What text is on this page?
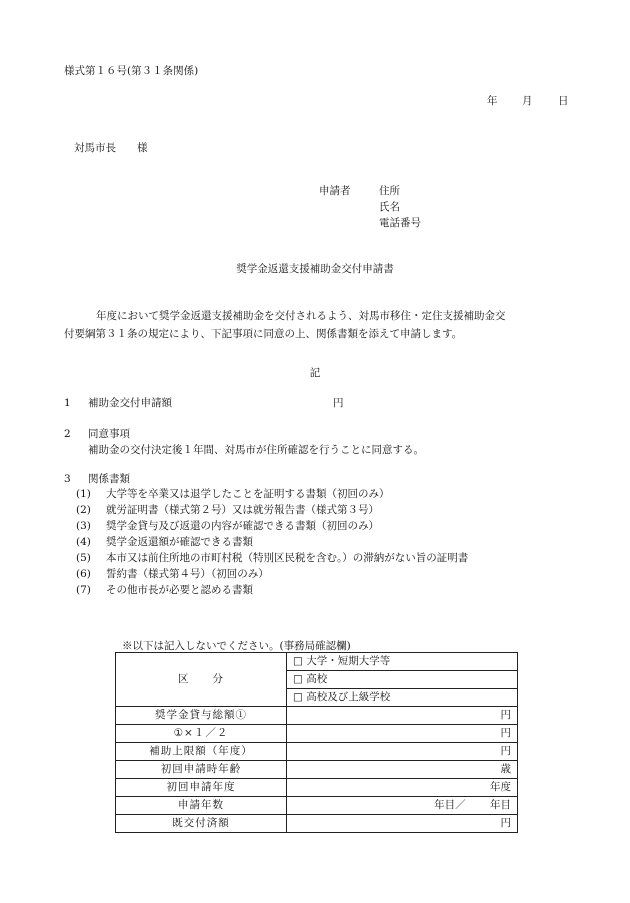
様式第１６号(第３１条関係)
年 月 日
対馬市長　　様
申請者	住所
氏名
電話番号
奨学金返還支援補助金交付申請書
年度において奨学金返還支援補助金を交付されるよう、対馬市移住・定住支援補助金交
付要綱第３１条の規定により、下記事項に同意の上、関係書類を添えて申請します。
記
1 補助金交付申請額	円
2 同意事項
補助金の交付決定後１年間、対馬市が住所確認を行うことに同意する。
3 関係書類
(1)	大学等を卒業又は退学したことを証明する書類（初回のみ）
(2)	就労証明書（様式第２号）又は就労報告書（様式第３号）
(3)	奨学金貸与及び返還の内容が確認できる書類（初回のみ）
(4)	奨学金返還額が確認できる書類
(5)	本市又は前住所地の市町村税（特別区民税を含む。）の滞納がない旨の証明書
(6)	誓約書（様式第４号）（初回のみ）
(7)	その他市長が必要と認める書類
※以下は記入しないでください。(事務局確認欄)
区　　分	□ 大学・短期大学等
	□ 高校
	□ 高校及び上級学校
奨学金貸与総額①	円
①×１／２	円
補助上限額（年度）	円
初回申請時年齢	歳
初回申請年度	年度
申請年数	年目／　　 年目
既交付済額	円
